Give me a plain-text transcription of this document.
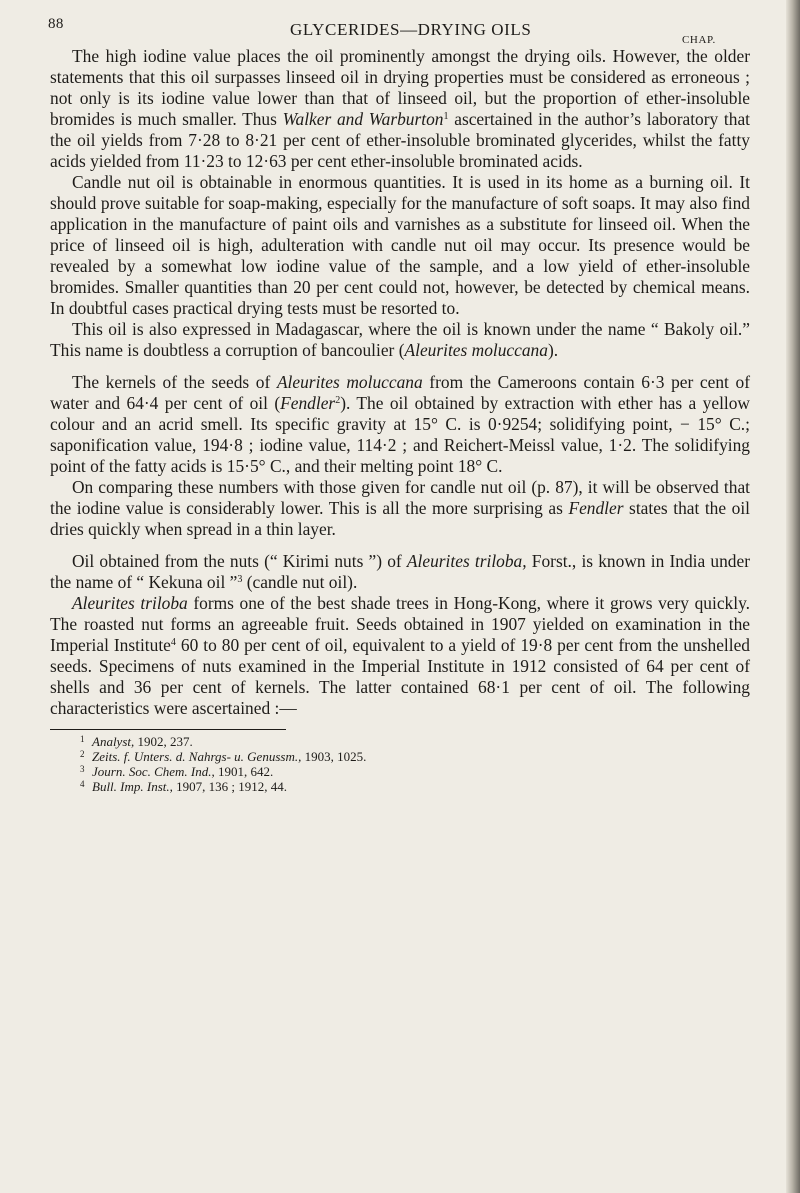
88	GLYCERIDES—DRYING OILS
CHAP.

The high iodine value places the oil prominently amongst the drying oils. However, the older statements that this oil surpasses linseed oil in drying properties must be considered as erroneous ; not only is its iodine value lower than that of linseed oil, but the proportion of ether-insoluble bromides is much smaller. Thus Walker and Warburton$^1$ ascertained in the author’s laboratory that the oil yields from 7·28 to 8·21 per cent of ether-insoluble brominated glycerides, whilst the fatty acids yielded from 11·23 to 12·63 per cent ether-insoluble brominated acids.

Candle nut oil is obtainable in enormous quantities. It is used in its home as a burning oil. It should prove suitable for soap-making, especially for the manufacture of soft soaps. It may also find application in the manufacture of paint oils and varnishes as a substitute for linseed oil. When the price of linseed oil is high, adulteration with candle nut oil may occur. Its presence would be revealed by a somewhat low iodine value of the sample, and a low yield of ether-insoluble bromides. Smaller quantities than 20 per cent could not, however, be detected by chemical means. In doubtful cases practical drying tests must be resorted to.

This oil is also expressed in Madagascar, where the oil is known under the name “ Bakoly oil.” This name is doubtless a corruption of bancoulier (Aleurites moluccana).

The kernels of the seeds of Aleurites moluccana from the Cameroons contain 6·3 per cent of water and 64·4 per cent of oil (Fendler$^2$). The oil obtained by extraction with ether has a yellow colour and an acrid smell. Its specific gravity at 15° C. is 0·9254; solidifying point, − 15° C.; saponification value, 194·8 ; iodine value, 114·2 ; and Reichert-Meissl value, 1·2. The solidifying point of the fatty acids is 15·5° C., and their melting point 18° C.

On comparing these numbers with those given for candle nut oil (p. 87), it will be observed that the iodine value is considerably lower. This is all the more surprising as Fendler states that the oil dries quickly when spread in a thin layer.

Oil obtained from the nuts (“ Kirimi nuts ”) of Aleurites triloba, Forst., is known in India under the name of “ Kekuna oil ”$^3$ (candle nut oil).

Aleurites triloba forms one of the best shade trees in Hong-Kong, where it grows very quickly. The roasted nut forms an agreeable fruit. Seeds obtained in 1907 yielded on examination in the Imperial Institute$^4$ 60 to 80 per cent of oil, equivalent to a yield of 19·8 per cent from the unshelled seeds. Specimens of nuts examined in the Imperial Institute in 1912 consisted of 64 per cent of shells and 36 per cent of kernels. The latter contained 68·1 per cent of oil. The following characteristics were ascertained :—

1 Analyst, 1902, 237.
2 Zeits. f. Unters. d. Nahrgs- u. Genussm., 1903, 1025.
3 Journ. Soc. Chem. Ind., 1901, 642.
4 Bull. Imp. Inst., 1907, 136 ; 1912, 44.
